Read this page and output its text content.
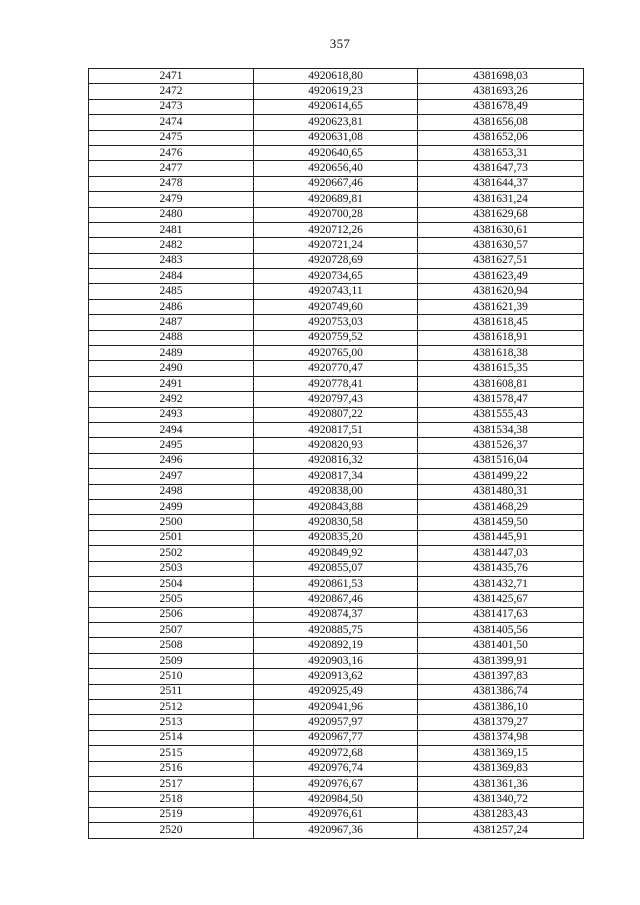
357
2471	4920618,80	4381698,03
2472	4920619,23	4381693,26
2473	4920614,65	4381678,49
2474	4920623,81	4381656,08
2475	4920631,08	4381652,06
2476	4920640,65	4381653,31
2477	4920656,40	4381647,73
2478	4920667,46	4381644,37
2479	4920689,81	4381631,24
2480	4920700,28	4381629,68
2481	4920712,26	4381630,61
2482	4920721,24	4381630,57
2483	4920728,69	4381627,51
2484	4920734,65	4381623,49
2485	4920743,11	4381620,94
2486	4920749,60	4381621,39
2487	4920753,03	4381618,45
2488	4920759,52	4381618,91
2489	4920765,00	4381618,38
2490	4920770,47	4381615,35
2491	4920778,41	4381608,81
2492	4920797,43	4381578,47
2493	4920807,22	4381555,43
2494	4920817,51	4381534,38
2495	4920820,93	4381526,37
2496	4920816,32	4381516,04
2497	4920817,34	4381499,22
2498	4920838,00	4381480,31
2499	4920843,88	4381468,29
2500	4920830,58	4381459,50
2501	4920835,20	4381445,91
2502	4920849,92	4381447,03
2503	4920855,07	4381435,76
2504	4920861,53	4381432,71
2505	4920867,46	4381425,67
2506	4920874,37	4381417,63
2507	4920885,75	4381405,56
2508	4920892,19	4381401,50
2509	4920903,16	4381399,91
2510	4920913,62	4381397,83
2511	4920925,49	4381386,74
2512	4920941,96	4381386,10
2513	4920957,97	4381379,27
2514	4920967,77	4381374,98
2515	4920972,68	4381369,15
2516	4920976,74	4381369,83
2517	4920976,67	4381361,36
2518	4920984,50	4381340,72
2519	4920976,61	4381283,43
2520	4920967,36	4381257,24
